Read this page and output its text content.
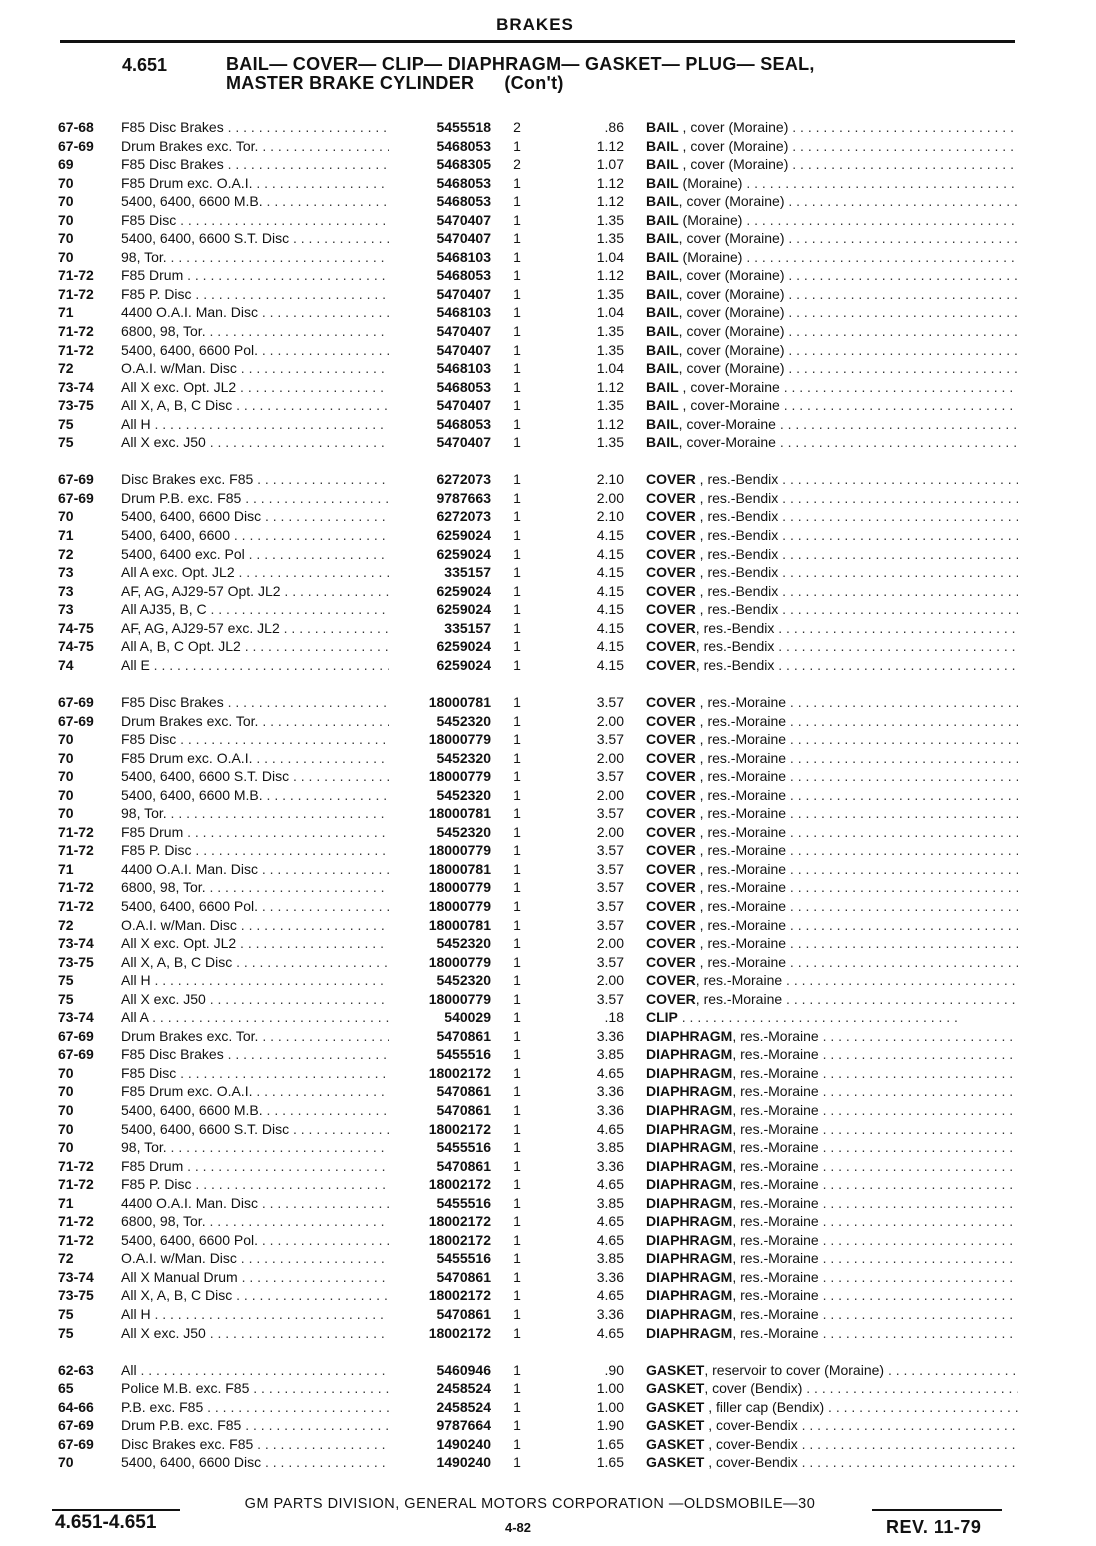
BRAKES
4.651	BAIL— COVER— CLIP— DIAPHRAGM— GASKET— PLUG— SEAL,
MASTER BRAKE CYLINDER (Con't)
67-68	F85 Disc Brakes . . .	5455518 2	.86 BAIL , cover (Moraine) . . .
67-69	Drum Brakes exc. Tor. . . .	5468053 1	1.12 BAIL , cover (Moraine) . . .
69	F85 Disc Brakes . . .	5468305 2	1.07 BAIL , cover (Moraine) . . .
70	F85 Drum exc. O.A.I. . . .	5468053 1	1.12 BAIL (Moraine) . . .
70	5400, 6400, 6600 M.B. . . .	5468053 1	1.12 BAIL, cover (Moraine) . . .
70	F85 Disc . . .	5470407 1	1.35 BAIL (Moraine) . . .
70	5400, 6400, 6600 S.T. Disc . . .	5470407 1	1.35 BAIL, cover (Moraine) . . .
70	98, Tor. . . .	5468103 1	1.04 BAIL (Moraine) . . .
71-72	F85 Drum . . .	5468053 1	1.12 BAIL, cover (Moraine) . . .
71-72	F85 P. Disc . . .	5470407 1	1.35 BAIL, cover (Moraine) . . .
71	4400 O.A.I. Man. Disc . . .	5468103 1	1.04 BAIL, cover (Moraine) . . .
71-72	6800, 98, Tor. . . .	5470407 1	1.35 BAIL, cover (Moraine) . . .
71-72	5400, 6400, 6600 Pol. . . .	5470407 1	1.35 BAIL, cover (Moraine) . . .
72	O.A.I. w/Man. Disc . . .	5468103 1	1.04 BAIL, cover (Moraine) . . .
73-74	All X exc. Opt. JL2 . . .	5468053 1	1.12 BAIL , cover-Moraine . . .
73-75	All X, A, B, C Disc . . .	5470407 1	1.35 BAIL , cover-Moraine . . .
75	All H . . .	5468053 1	1.12 BAIL, cover-Moraine . . .
75	All X exc. J50 . . .	5470407 1	1.35 BAIL, cover-Moraine . . .
67-69	Disc Brakes exc. F85 . . .	6272073 1	2.10 COVER , res.-Bendix . . .
67-69	Drum P.B. exc. F85 . . .	9787663 1	2.00 COVER , res.-Bendix . . .
70	5400, 6400, 6600 Disc . . .	6272073 1	2.10 COVER , res.-Bendix . . .
71	5400, 6400, 6600 . . .	6259024 1	4.15 COVER , res.-Bendix . . .
72	5400, 6400 exc. Pol . . .	6259024 1	4.15 COVER , res.-Bendix . . .
73	All A exc. Opt. JL2 . . .	335157 1	4.15 COVER , res.-Bendix . . .
73	AF, AG, AJ29-57 Opt. JL2 . . .	6259024 1	4.15 COVER , res.-Bendix . . .
73	All AJ35, B, C . . .	6259024 1	4.15 COVER , res.-Bendix . . .
74-75	AF, AG, AJ29-57 exc. JL2 . . .	335157 1	4.15 COVER, res.-Bendix . . .
74-75	All A, B, C Opt. JL2 . . .	6259024 1	4.15 COVER, res.-Bendix . . .
74	All E . . .	6259024 1	4.15 COVER, res.-Bendix . . .
67-69	F85 Disc Brakes . . .	18000781 1	3.57 COVER , res.-Moraine . . .
67-69	Drum Brakes exc. Tor. . . .	5452320 1	2.00 COVER , res.-Moraine . . .
70	F85 Disc . . .	18000779 1	3.57 COVER , res.-Moraine . . .
70	F85 Drum exc. O.A.I. . . .	5452320 1	2.00 COVER , res.-Moraine . . .
70	5400, 6400, 6600 S.T. Disc . . .	18000779 1	3.57 COVER , res.-Moraine . . .
70	5400, 6400, 6600 M.B. . . .	5452320 1	2.00 COVER , res.-Moraine . . .
70	98, Tor. . . .	18000781 1	3.57 COVER , res.-Moraine . . .
71-72	F85 Drum . . .	5452320 1	2.00 COVER , res.-Moraine . . .
71-72	F85 P. Disc . . .	18000779 1	3.57 COVER , res.-Moraine . . .
71	4400 O.A.I. Man. Disc . . .	18000781 1	3.57 COVER , res.-Moraine . . .
71-72	6800, 98, Tor. . . .	18000779 1	3.57 COVER , res.-Moraine . . .
71-72	5400, 6400, 6600 Pol. . . .	18000779 1	3.57 COVER , res.-Moraine . . .
72	O.A.I. w/Man. Disc . . .	18000781 1	3.57 COVER , res.-Moraine . . .
73-74	All X exc. Opt. JL2 . . .	5452320 1	2.00 COVER , res.-Moraine . . .
73-75	All X, A, B, C Disc . . .	18000779 1	3.57 COVER , res.-Moraine . . .
75	All H . . .	5452320 1	2.00 COVER, res.-Moraine . . .
75	All X exc. J50 . . .	18000779 1	3.57 COVER, res.-Moraine . . .
73-74	All A . . .	540029 1	.18 CLIP . . .
67-69	Drum Brakes exc. Tor. . . .	5470861 1	3.36 DIAPHRAGM, res.-Moraine . . .
67-69	F85 Disc Brakes . . .	5455516 1	3.85 DIAPHRAGM, res.-Moraine . . .
70	F85 Disc . . .	18002172 1	4.65 DIAPHRAGM, res.-Moraine . . .
70	F85 Drum exc. O.A.I. . . .	5470861 1	3.36 DIAPHRAGM, res.-Moraine . . .
70	5400, 6400, 6600 M.B. . . .	5470861 1	3.36 DIAPHRAGM, res.-Moraine . . .
70	5400, 6400, 6600 S.T. Disc . . .	18002172 1	4.65 DIAPHRAGM, res.-Moraine . . .
70	98, Tor. . . .	5455516 1	3.85 DIAPHRAGM, res.-Moraine . . .
71-72	F85 Drum . . .	5470861 1	3.36 DIAPHRAGM, res.-Moraine . . .
71-72	F85 P. Disc . . .	18002172 1	4.65 DIAPHRAGM, res.-Moraine . . .
71	4400 O.A.I. Man. Disc . . .	5455516 1	3.85 DIAPHRAGM, res.-Moraine . . .
71-72	6800, 98, Tor. . . .	18002172 1	4.65 DIAPHRAGM, res.-Moraine . . .
71-72	5400, 6400, 6600 Pol. . . .	18002172 1	4.65 DIAPHRAGM, res.-Moraine . . .
72	O.A.I. w/Man. Disc . . .	5455516 1	3.85 DIAPHRAGM, res.-Moraine . . .
73-74	All X Manual Drum . . .	5470861 1	3.36 DIAPHRAGM, res.-Moraine . . .
73-75	All X, A, B, C Disc . . .	18002172 1	4.65 DIAPHRAGM, res.-Moraine . . .
75	All H . . .	5470861 1	3.36 DIAPHRAGM, res.-Moraine . . .
75	All X exc. J50 . . .	18002172 1	4.65 DIAPHRAGM, res.-Moraine . . .
62-63	All . . .	5460946 1	.90 GASKET, reservoir to cover (Moraine) . . .
65	Police M.B. exc. F85 . . .	2458524 1	1.00 GASKET, cover (Bendix) . . .
64-66	P.B. exc. F85 . . .	2458524 1	1.00 GASKET , filler cap (Bendix) . . .
67-69	Drum P.B. exc. F85 . . .	9787664 1	1.90 GASKET , cover-Bendix . . .
67-69	Disc Brakes exc. F85 . . .	1490240 1	1.65 GASKET , cover-Bendix . . .
70	5400, 6400, 6600 Disc . . .	1490240 1	1.65 GASKET , cover-Bendix . . .
GM PARTS DIVISION, GENERAL MOTORS CORPORATION —OLDSMOBILE—30
4.651-4.651	4-82	REV. 11-79
